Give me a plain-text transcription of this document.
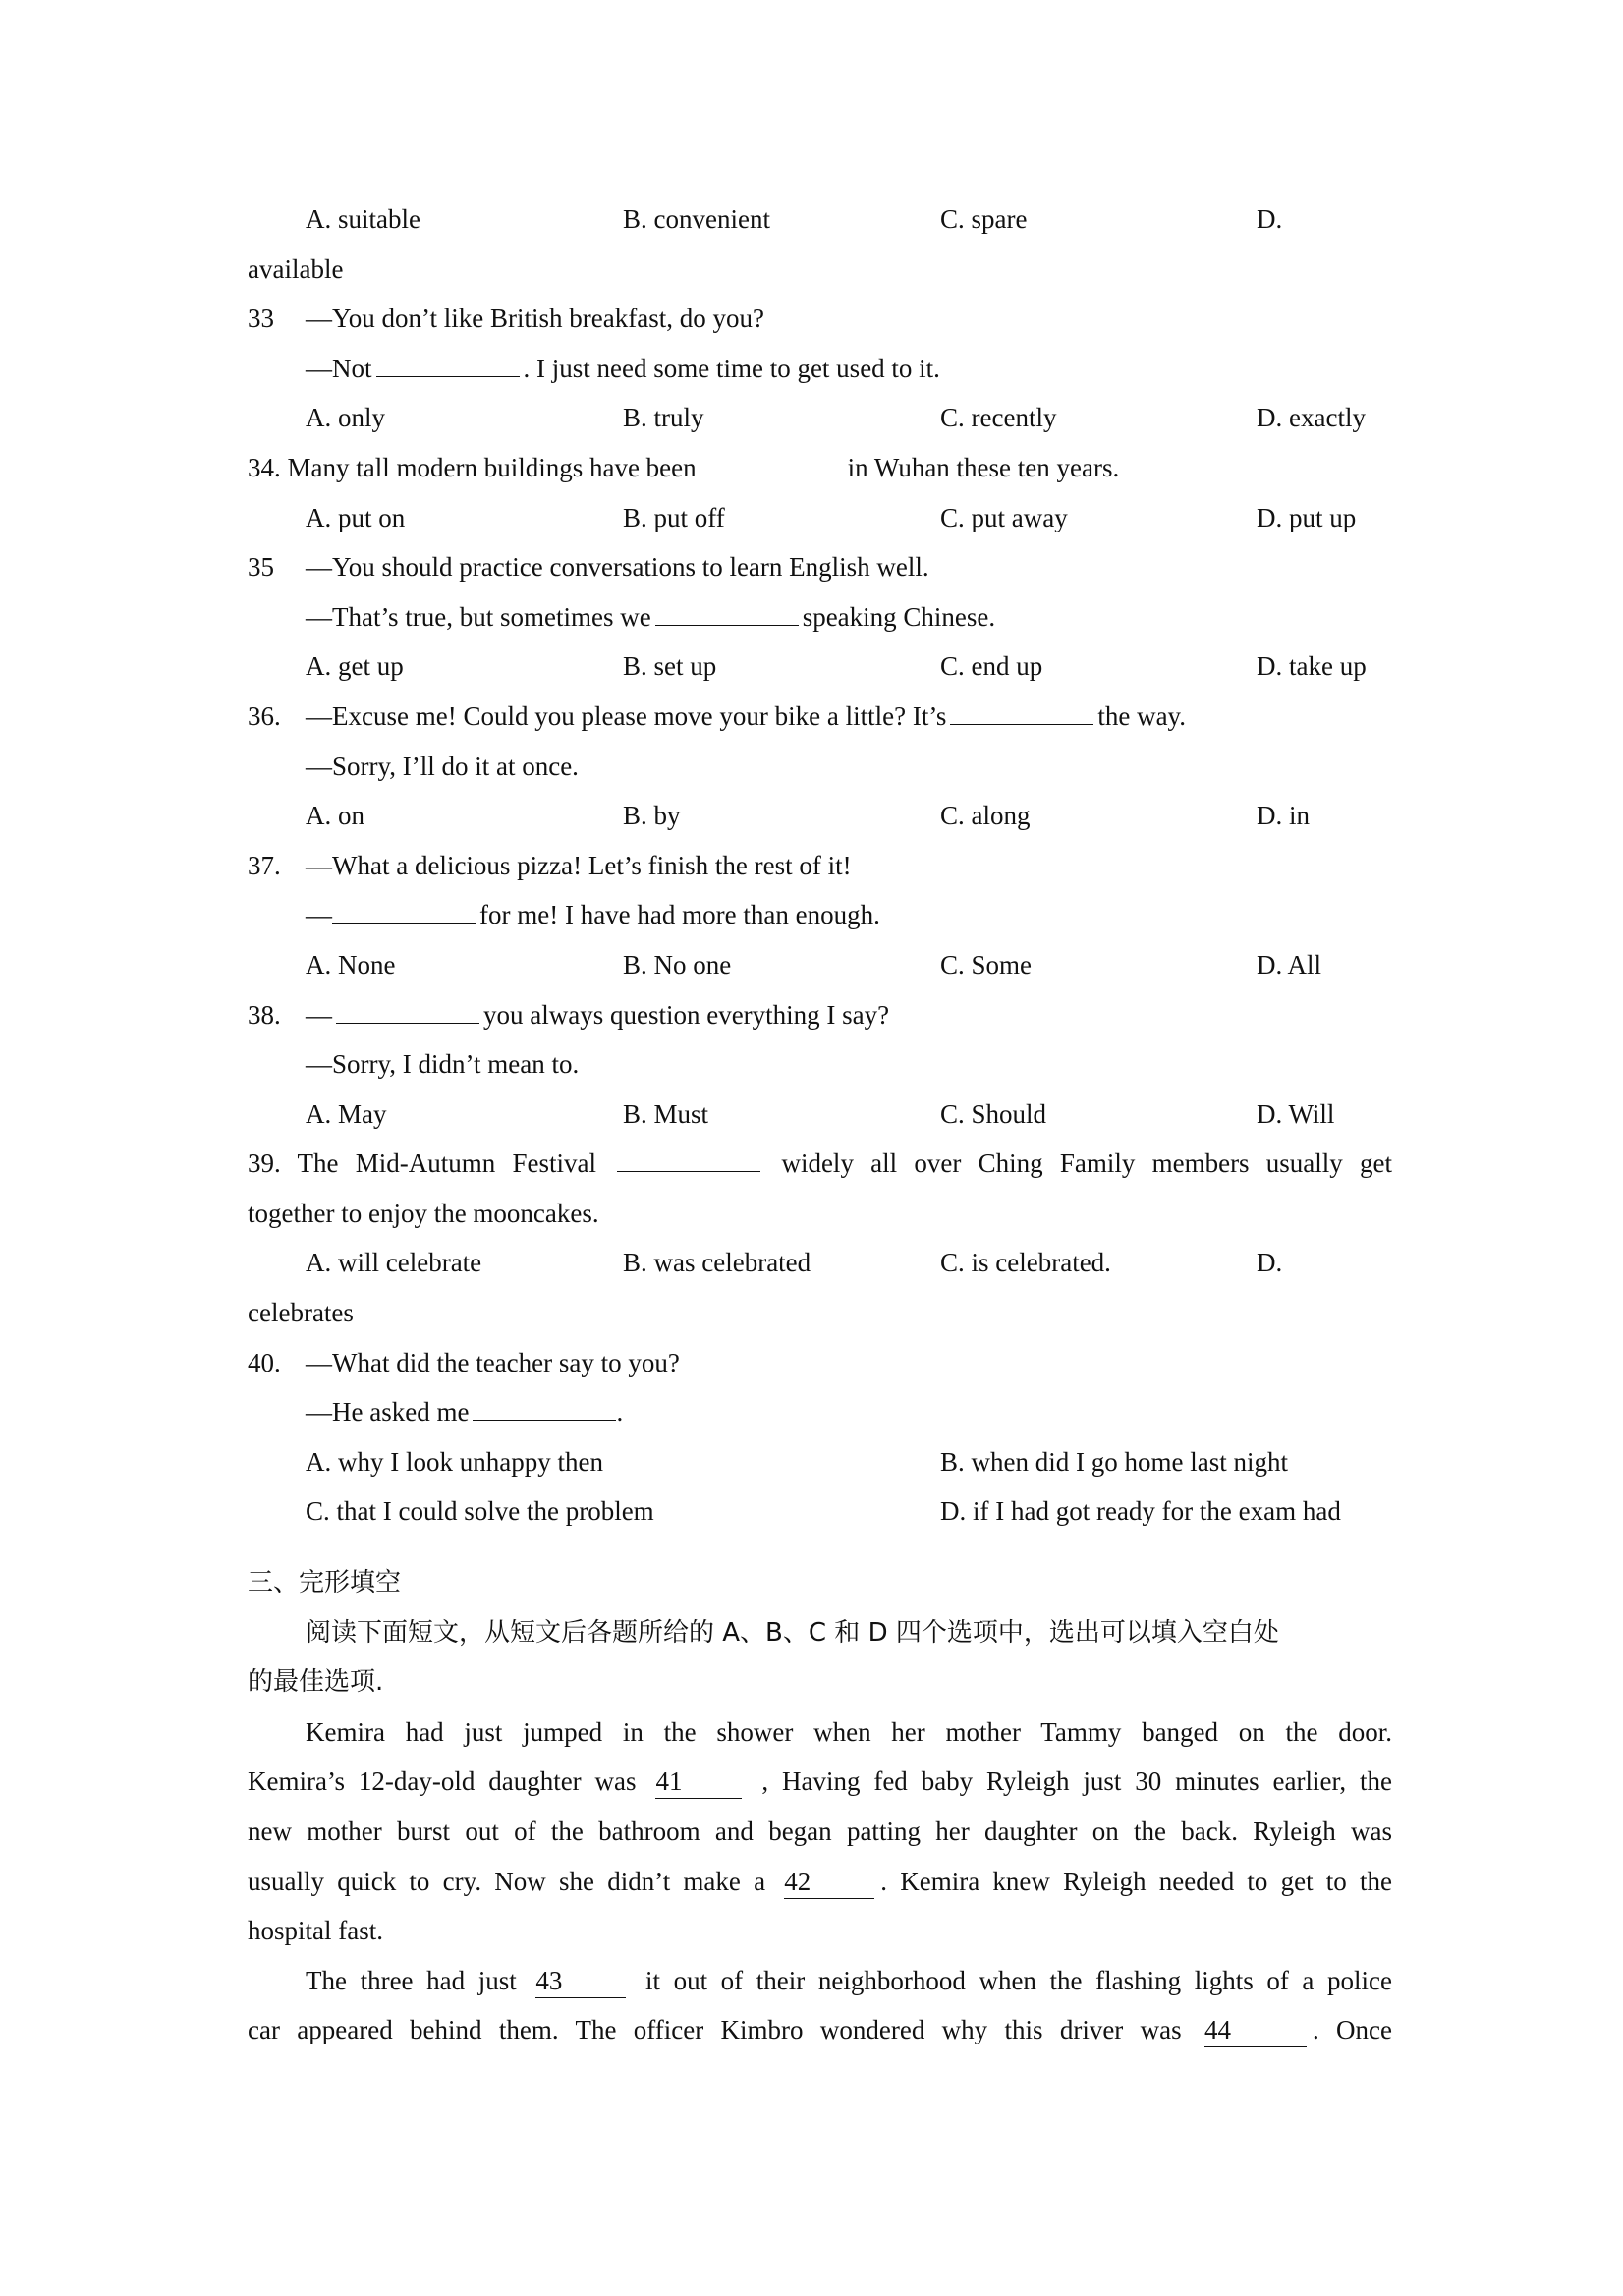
A. suitable	B. convenient	C. spare	D.
available
33 —You don’t like British breakfast, do you?
—Not	. I just need some time to get used to it.
A. only	B. truly	C. recently	D. exactly
34. Many tall modern buildings have been	in Wuhan these ten years.
A. put on	B. put off	C. put away	D. put up
35 —You should practice conversations to learn English well.
—That’s true, but sometimes we	speaking Chinese.
A. get up	B. set up	C. end up	D. take up
36. —Excuse me! Could you please move your bike a little? It’s	the way.
—Sorry, I’ll do it at once.
A. on	B. by	C. along	D. in
37. —What a delicious pizza! Let’s finish the rest of it!
—	for me! I have had more than enough.
A. None	B. No one	C. Some	D. All
38. —	you always question everything I say?
—Sorry, I didn’t mean to.
A. May	B. Must	C. Should	D. Will
39. The Mid-Autumn Festival	widely all over Ching Family members usually get
together to enjoy the mooncakes.
A. will celebrate	B. was celebrated	C. is celebrated.	D.
celebrates
40. —What did the teacher say to you?
—He asked me	.
A. why I look unhappy then	B. when did I go home last night
C. that I could solve the problem	D. if I had got ready for the exam had
三、完形填空
阅读下面短文，从短文后各题所给的 A、B、C 和 D 四个选项中，选出可以填入空白处
的最佳选项.
Kemira had just jumped in the shower when her mother Tammy banged on the door.
Kemira’s 12-day-old daughter was 41	, Having fed baby Ryleigh just 30 minutes earlier, the
new mother burst out of the bathroom and began patting her daughter on the back. Ryleigh was
usually quick to cry. Now she didn’t make a 42	. Kemira knew Ryleigh needed to get to the
hospital fast.
The three had just 43	it out of their neighborhood when the flashing lights of a police
car appeared behind them. The officer Kimbro wondered why this driver was 44	. Once
